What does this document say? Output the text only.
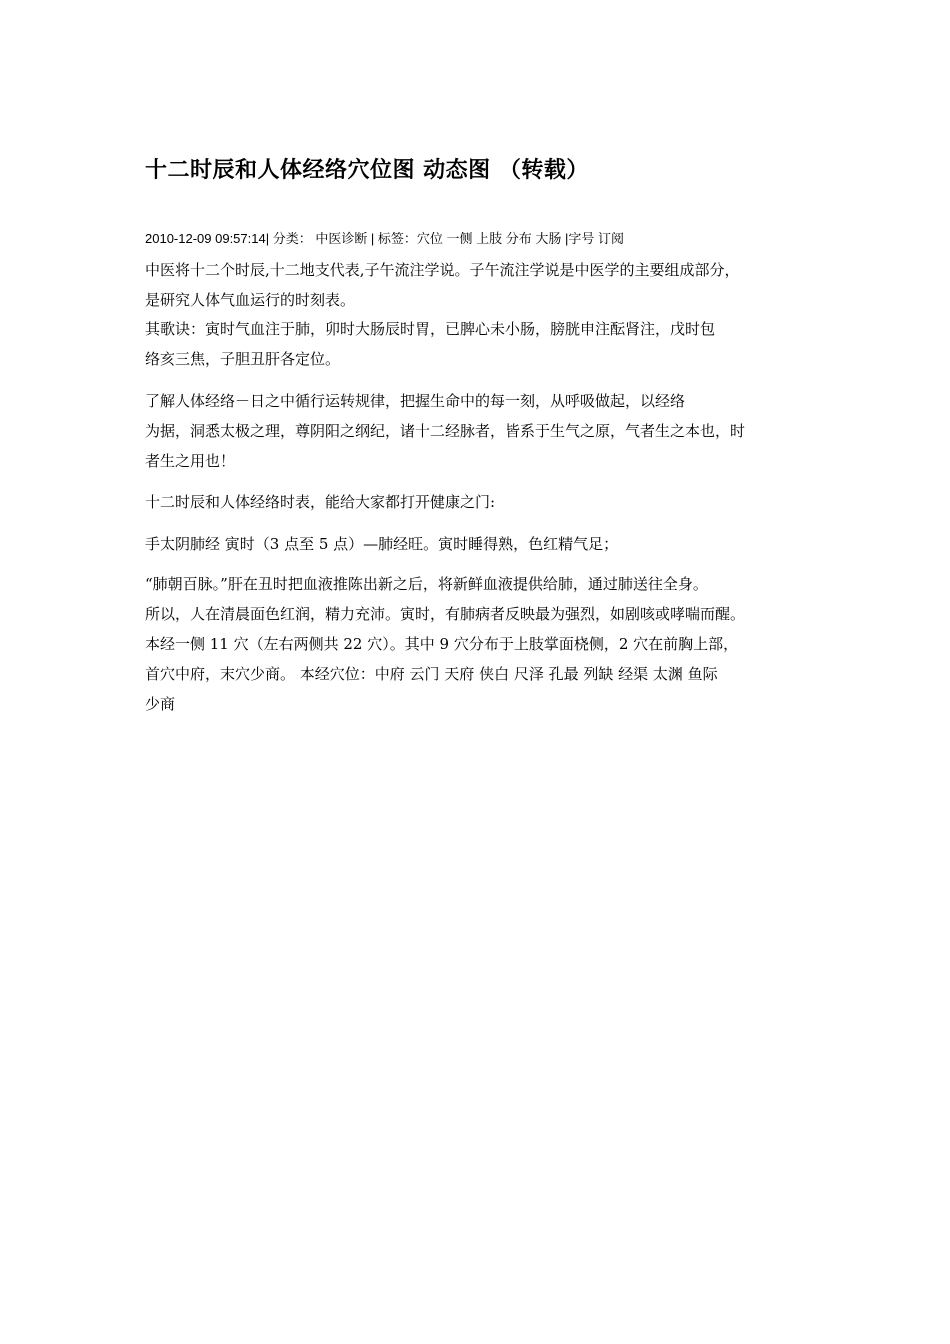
十二时辰和人体经络穴位图 动态图 （转载）
2010-12-09 09:57:14| 分类： 中医诊断 | 标签：穴位 一侧 上肢 分布 大肠 |字号 订阅

中医将十二个时辰,十二地支代表,子午流注学说。子午流注学说是中医学的主要组成部分，
是研究人体气血运行的时刻表。

其歌诀：寅时气血注于肺，卯时大肠辰时胃，已脾心未小肠，膀胱申注酝肾注，戊时包
络亥三焦，子胆丑肝各定位。

了解人体经络－日之中循行运转规律，把握生命中的每一刻，从呼吸做起，以经络
为据，洞悉太极之理，尊阴阳之纲纪，诸十二经脉者，皆系于生气之原，气者生之本也，时
者生之用也！

十二时辰和人体经络时表，能给大家都打开健康之门:

手太阴肺经 寅时（3 点至 5 点）—肺经旺。寅时睡得熟，色红精气足；

“肺朝百脉。”肝在丑时把血液推陈出新之后，将新鲜血液提供给肺，通过肺送往全身。
所以，人在清晨面色红润，精力充沛。寅时，有肺病者反映最为强烈，如剧咳或哮喘而醒。
本经一侧 11 穴（左右两侧共 22 穴）。其中 9 穴分布于上肢掌面桡侧，2 穴在前胸上部，
首穴中府，末穴少商。 本经穴位：中府 云门 天府 侠白 尺泽 孔最 列缺 经渠 太渊 鱼际
少商
